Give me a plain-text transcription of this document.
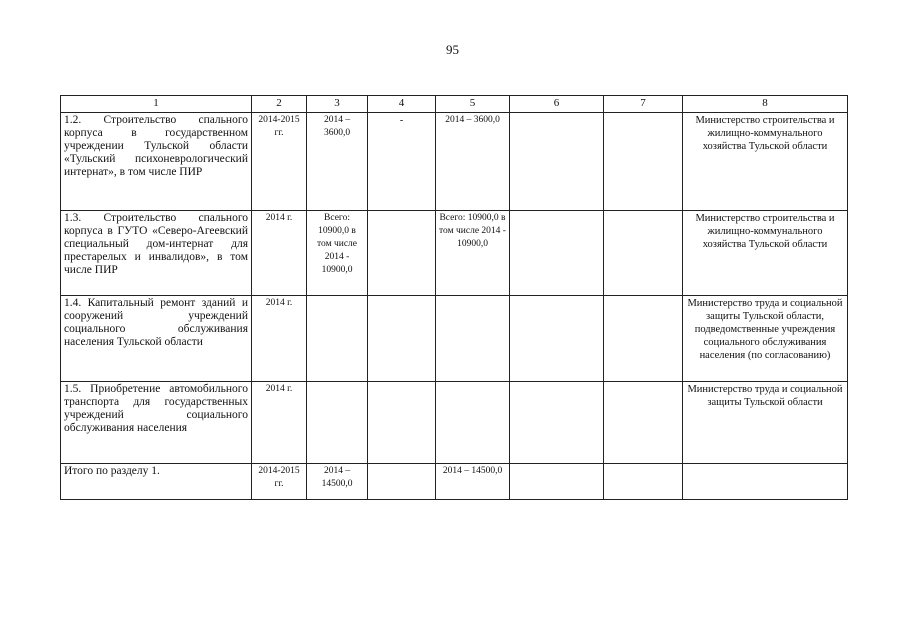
95
1	2	3	4	5	6	7	8
1.2. Строительство спального корпуса в государственном учреждении Тульской области «Тульский психоневрологический интернат», в том числе ПИР	2014-2015 гг.	2014 – 3600,0	-	2014 – 3600,0			Министерство строительства и жилищно-коммунального хозяйства Тульской области
1.3. Строительство спального корпуса в ГУТО «Северо-Агеевский специальный дом-интернат для престарелых и инвалидов», в том числе ПИР	2014 г.	Всего: 10900,0 в том числе 2014 - 10900,0		Всего: 10900,0 в том числе 2014 - 10900,0			Министерство строительства и жилищно-коммунального хозяйства Тульской области
1.4. Капитальный ремонт зданий и сооружений учреждений социального обслуживания населения Тульской области	2014 г.						Министерство труда и социальной защиты Тульской области, подведомственные учреждения социального обслуживания населения (по согласованию)
1.5. Приобретение автомобильного транспорта для государственных учреждений социального обслуживания населения	2014 г.						Министерство труда и социальной защиты Тульской области
Итого по разделу 1.	2014-2015 гг.	2014 – 14500,0		2014 – 14500,0			
